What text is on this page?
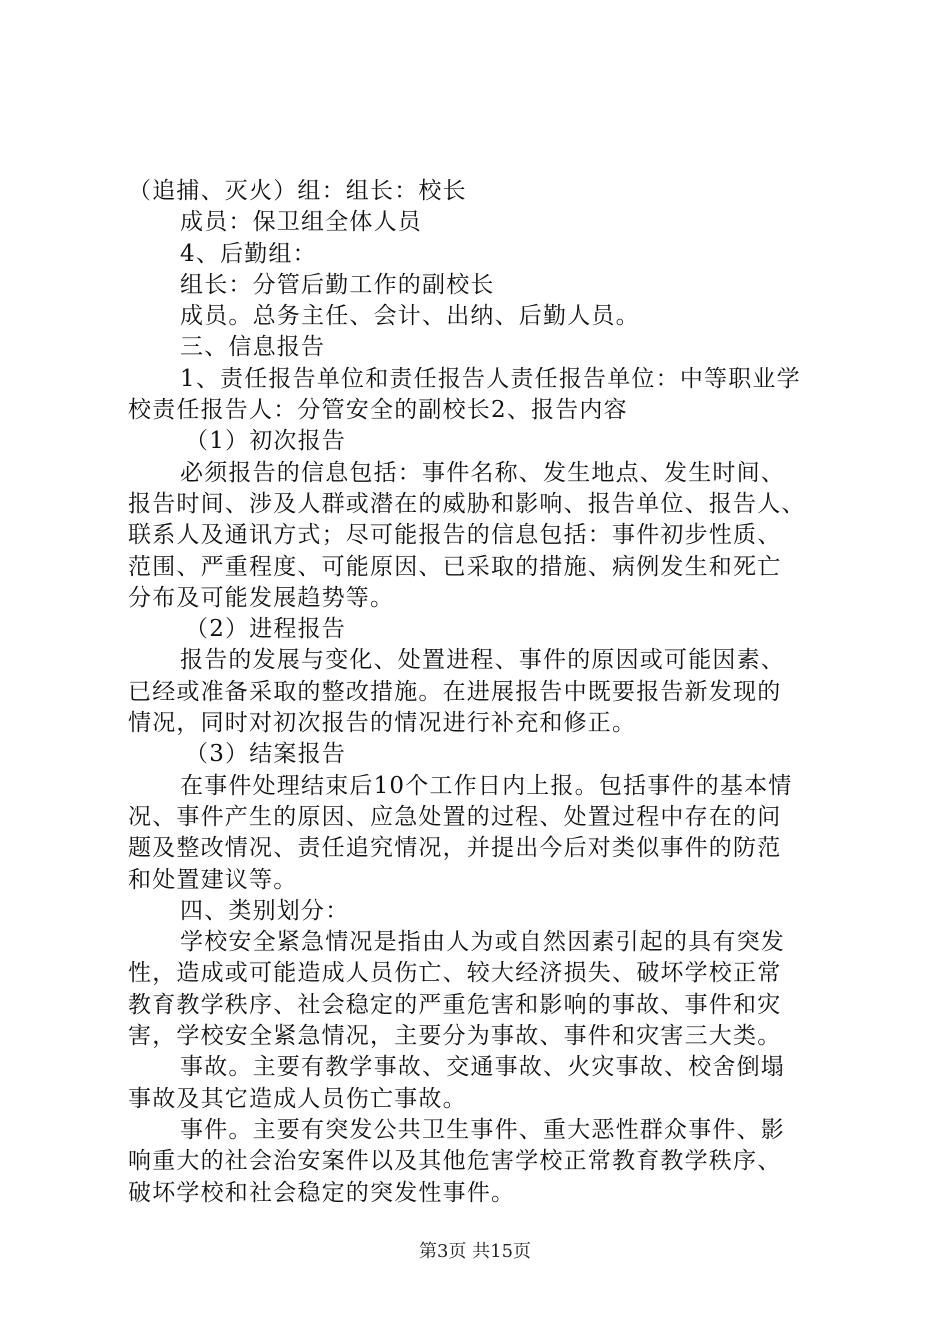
（追捕、灭火）组：组长：校长
成员：保卫组全体人员
4、后勤组：
组长：分管后勤工作的副校长
成员。总务主任、会计、出纳、后勤人员。
三、信息报告
1、责任报告单位和责任报告人责任报告单位：中等职业学
校责任报告人：分管安全的副校长2、报告内容
（1）初次报告
必须报告的信息包括：事件名称、发生地点、发生时间、
报告时间、涉及人群或潜在的威胁和影响、报告单位、报告人、
联系人及通讯方式；尽可能报告的信息包括：事件初步性质、
范围、严重程度、可能原因、已采取的措施、病例发生和死亡
分布及可能发展趋势等。
（2）进程报告
报告的发展与变化、处置进程、事件的原因或可能因素、
已经或准备采取的整改措施。在进展报告中既要报告新发现的
情况，同时对初次报告的情况进行补充和修正。
（3）结案报告
在事件处理结束后10个工作日内上报。包括事件的基本情
况、事件产生的原因、应急处置的过程、处置过程中存在的问
题及整改情况、责任追究情况，并提出今后对类似事件的防范
和处置建议等。
四、类别划分：
学校安全紧急情况是指由人为或自然因素引起的具有突发
性，造成或可能造成人员伤亡、较大经济损失、破坏学校正常
教育教学秩序、社会稳定的严重危害和影响的事故、事件和灾
害，学校安全紧急情况，主要分为事故、事件和灾害三大类。
事故。主要有教学事故、交通事故、火灾事故、校舍倒塌
事故及其它造成人员伤亡事故。
事件。主要有突发公共卫生事件、重大恶性群众事件、影
响重大的社会治安案件以及其他危害学校正常教育教学秩序、
破坏学校和社会稳定的突发性事件。
第3页 共15页
